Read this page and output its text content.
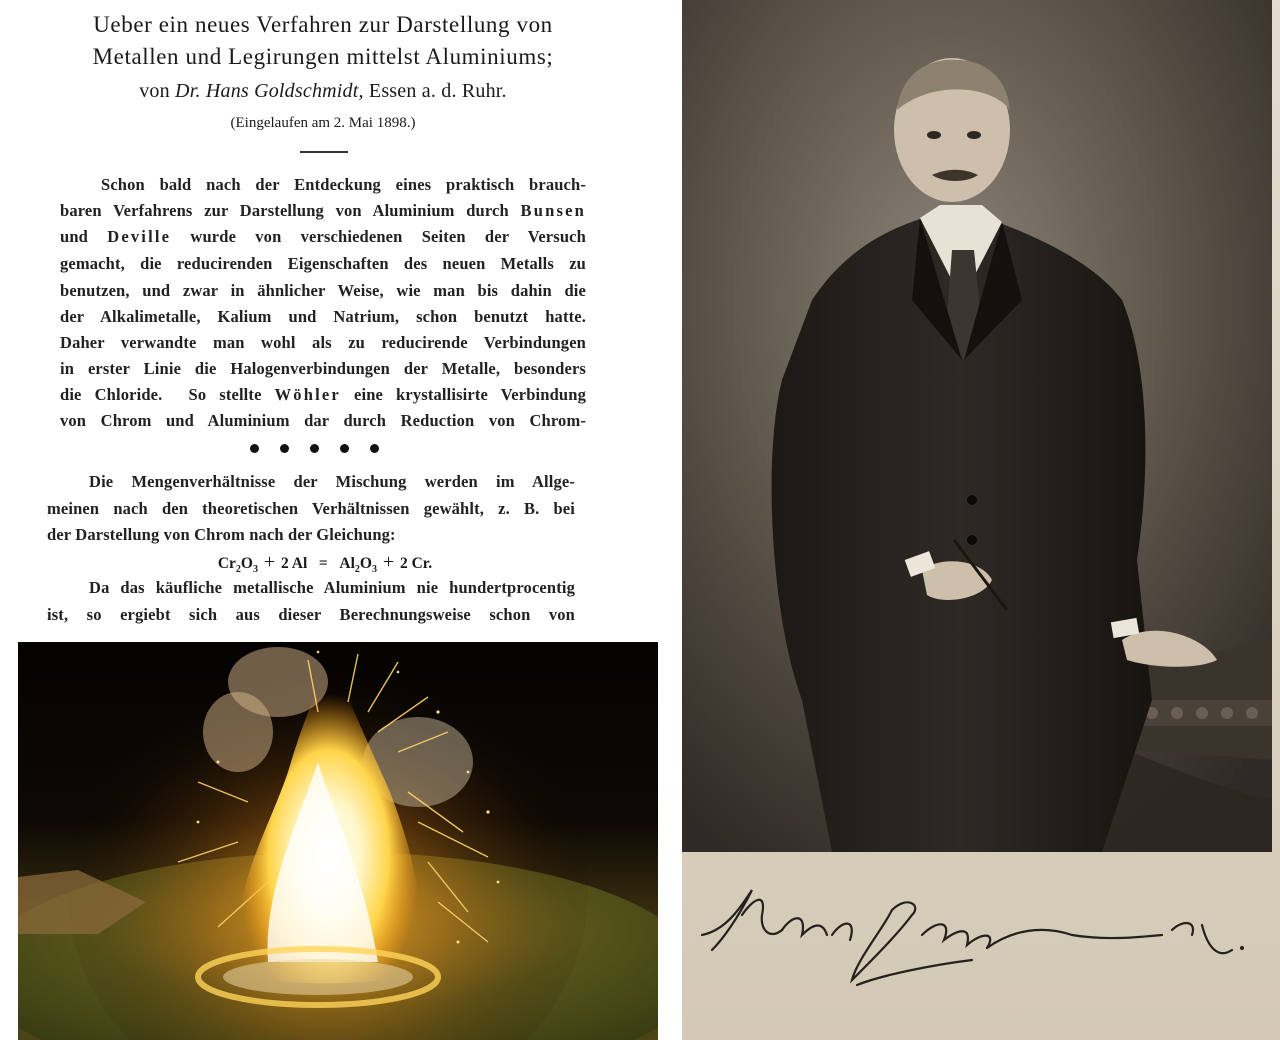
Ueber ein neues Verfahren zur Darstellung von
Metallen und Legirungen mittelst Aluminiums;
von Dr. Hans Goldschmidt, Essen a. d. Ruhr.
(Eingelaufen am 2. Mai 1898.)
Schon bald nach der Entdeckung eines praktisch brauch-
baren Verfahrens zur Darstellung von Aluminium durch Bunsen
und Deville wurde von verschiedenen Seiten der Versuch
gemacht, die reducirenden Eigenschaften des neuen Metalls zu
benutzen, und zwar in ähnlicher Weise, wie man bis dahin die
der Alkalimetalle, Kalium und Natrium, schon benutzt hatte.
Daher verwandte man wohl als zu reducirende Verbindungen
in erster Linie die Halogenverbindungen der Metalle, besonders
die Chloride.  So stellte Wöhler eine krystallisirte Verbindung
von Chrom und Aluminium dar durch Reduction von Chrom-
Die Mengenverhältnisse der Mischung werden im Allge-
meinen nach den theoretischen Verhältnissen gewählt, z. B. bei
der Darstellung von Chrom nach der Gleichung:
$Cr_2O_3 + 2$ $Al = Al_2O_3 + 2$ Cr.
Da das käufliche metallische Aluminium nie hundertprocentig
ist, so ergiebt sich aus dieser Berechnungsweise schon von
